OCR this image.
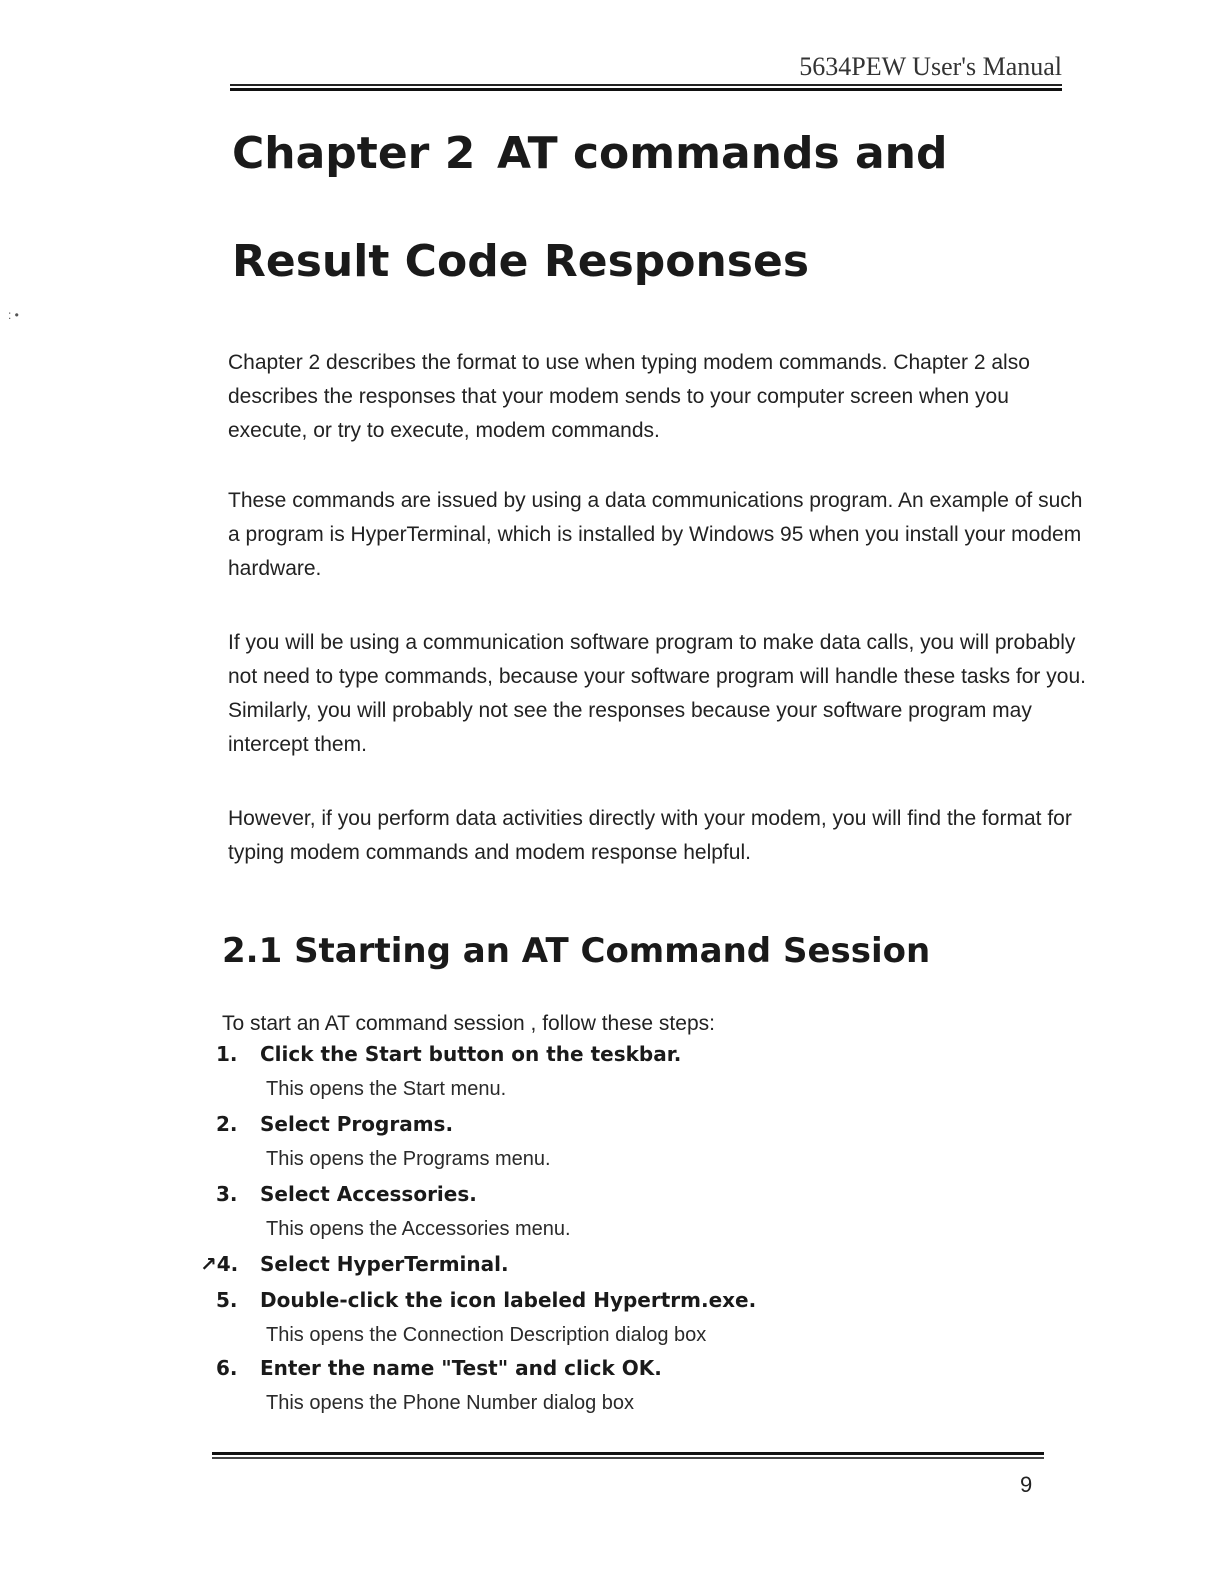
5634PEW User's Manual
Chapter 2 AT commands and
Result Code Responses
: •

Chapter 2 describes the format to use when typing modem commands. Chapter 2 also describes the responses that your modem sends to your computer screen when you execute, or try to execute, modem commands.

These commands are issued by using a data communications program. An example of such a program is HyperTerminal, which is installed by Windows 95 when you install your modem hardware.

If you will be using a communication software program to make data calls, you will probably not need to type commands, because your software program will handle these tasks for you. Similarly, you will probably not see the responses because your software program may intercept them.

However, if you perform data activities directly with your modem, you will find the format for typing modem commands and modem response helpful.

2.1 Starting an AT Command Session

To start an AT command session , follow these steps:

1. Click the Start button on the teskbar.
This opens the Start menu.
2. Select Programs.
This opens the Programs menu.
3. Select Accessories.
This opens the Accessories menu.
↗4. Select HyperTerminal.
5. Double-click the icon labeled Hypertrm.exe.
This opens the Connection Description dialog box
6. Enter the name "Test" and click OK.
This opens the Phone Number dialog box
9
